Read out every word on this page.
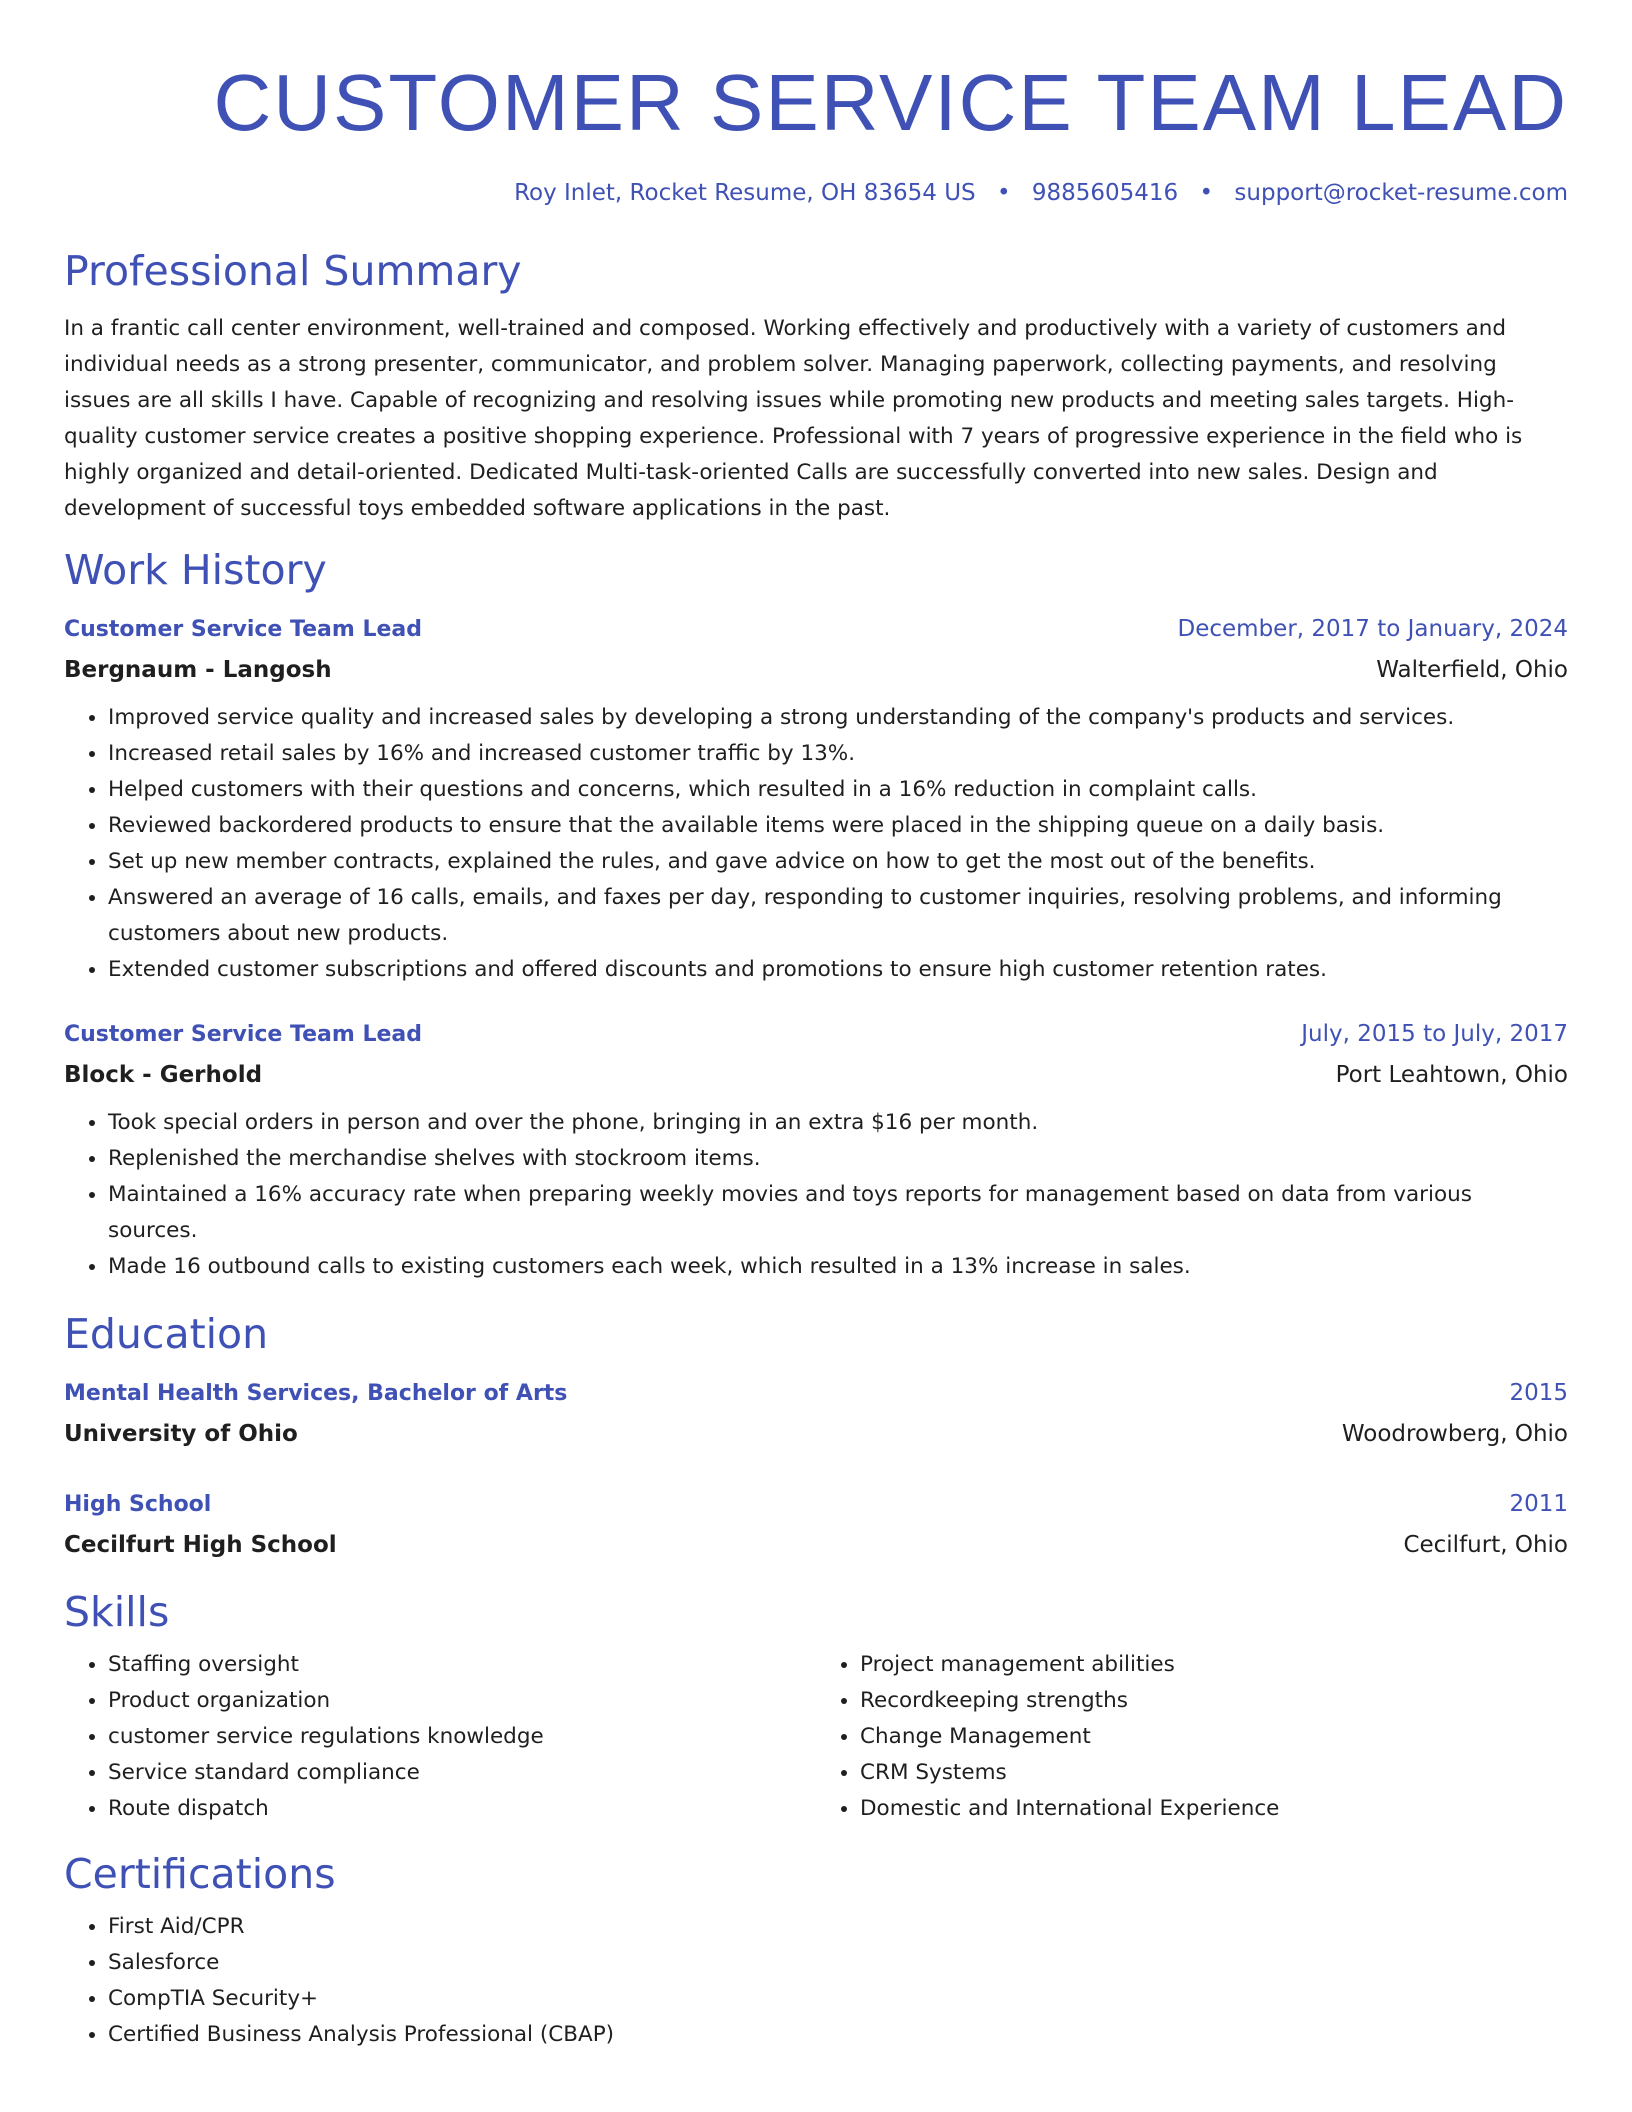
CUSTOMER SERVICE TEAM LEAD
Roy Inlet, Rocket Resume, OH 83654 US • 9885605416 • support@rocket-resume.com
Professional Summary
In a frantic call center environment, well-trained and composed. Working effectively and productively with a variety of customers and individual needs as a strong presenter, communicator, and problem solver. Managing paperwork, collecting payments, and resolving issues are all skills I have. Capable of recognizing and resolving issues while promoting new products and meeting sales targets. High-quality customer service creates a positive shopping experience. Professional with 7 years of progressive experience in the field who is highly organized and detail-oriented. Dedicated Multi-task-oriented Calls are successfully converted into new sales. Design and development of successful toys embedded software applications in the past.
Work History
Customer Service Team Lead	December, 2017 to January, 2024
Bergnaum - Langosh	Walterfield, Ohio
• Improved service quality and increased sales by developing a strong understanding of the company's products and services.
• Increased retail sales by 16% and increased customer traffic by 13%.
• Helped customers with their questions and concerns, which resulted in a 16% reduction in complaint calls.
• Reviewed backordered products to ensure that the available items were placed in the shipping queue on a daily basis.
• Set up new member contracts, explained the rules, and gave advice on how to get the most out of the benefits.
• Answered an average of 16 calls, emails, and faxes per day, responding to customer inquiries, resolving problems, and informing customers about new products.
• Extended customer subscriptions and offered discounts and promotions to ensure high customer retention rates.
Customer Service Team Lead	July, 2015 to July, 2017
Block - Gerhold	Port Leahtown, Ohio
• Took special orders in person and over the phone, bringing in an extra $16 per month.
• Replenished the merchandise shelves with stockroom items.
• Maintained a 16% accuracy rate when preparing weekly movies and toys reports for management based on data from various sources.
• Made 16 outbound calls to existing customers each week, which resulted in a 13% increase in sales.
Education
Mental Health Services, Bachelor of Arts	2015
University of Ohio	Woodrowberg, Ohio
High School	2011
Cecilfurt High School	Cecilfurt, Ohio
Skills
• Staffing oversight
• Product organization
• customer service regulations knowledge
• Service standard compliance
• Route dispatch
• Project management abilities
• Recordkeeping strengths
• Change Management
• CRM Systems
• Domestic and International Experience
Certifications
• First Aid/CPR
• Salesforce
• CompTIA Security+
• Certified Business Analysis Professional (CBAP)
